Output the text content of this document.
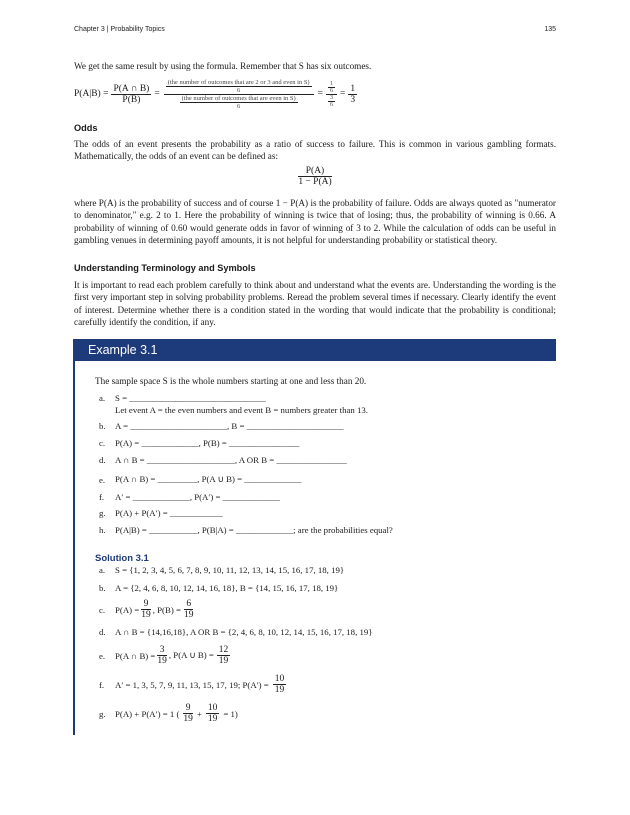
Chapter 3 | Probability Topics	135
We get the same result by using the formula. Remember that S has six outcomes.
$P(A|B) = \frac{P(A \cap B)}{P(B)}$ =
$\frac{\text{(the number of outcomes that are 2 or 3 and even in S)}}{6}$
$\frac{\text{(the number of outcomes that are even in S)}}{6}$
= $\frac{\frac{1}{6}}{\frac{3}{6}} = \frac{1}{3}$
Odds
The odds of an event presents the probability as a ratio of success to failure. This is common in various gambling formats. Mathematically, the odds of an event can be defined as:
$\frac{P(A)}{1 - P(A)}$
where P(A) is the probability of success and of course 1 − P(A) is the probability of failure. Odds are always quoted as "numerator to denominator," e.g. 2 to 1. Here the probability of winning is twice that of losing; thus, the probability of winning is 0.66. A probability of winning of 0.60 would generate odds in favor of winning of 3 to 2. While the calculation of odds can be useful in gambling venues in determining payoff amounts, it is not helpful for understanding probability or statistical theory.
Understanding Terminology and Symbols
It is important to read each problem carefully to think about and understand what the events are. Understanding the wording is the first very important step in solving probability problems. Reread the problem several times if necessary. Clearly identify the event of interest. Determine whether there is a condition stated in the wording that would indicate that the probability is conditional; carefully identify the condition, if any.
Example 3.1
The sample space S is the whole numbers starting at one and less than 20.
a.	S = _______________________________
Let event A = the even numbers and event B = numbers greater than 13.
b.	A = ______________________, B = ______________________
c.	P(A) = _____________, P(B) = ________________
d.	A ∩ B = ____________________, A OR B = ________________
e.	P(A ∩ B) = _________, P(A ∪ B) = _____________
f.	A′ = _____________, P(A′) = _____________
g.	P(A) + P(A′) = ____________
h.	P(A|B) = ___________, P(B|A) = _____________; are the probabilities equal?
Solution 3.1
a.	S = {1, 2, 3, 4, 5, 6, 7, 8, 9, 10, 11, 12, 13, 14, 15, 16, 17, 18, 19}
b.	A = {2, 4, 6, 8, 10, 12, 14, 16, 18}, B = {14, 15, 16, 17, 18, 19}
c.	$P(A) = \frac{9}{19}$ , $P(B) = \frac{6}{19}$
d.	A ∩ B = {14,16,18}, A OR B = {2, 4, 6, 8, 10, 12, 14, 15, 16, 17, 18, 19}
e.	P(A ∩ $B) = \frac{3}{19}$ , P(A ∪ $B) = \frac{12}{19}$
f.	A′ = 1, 3, 5, 7, 9, 11, 13, 15, 17, 19; $P(A') = \frac{10}{19}$
g.	P(A) + P(A′) = 1 ( $\frac{9}{19} + \frac{10}{19} = 1$)
